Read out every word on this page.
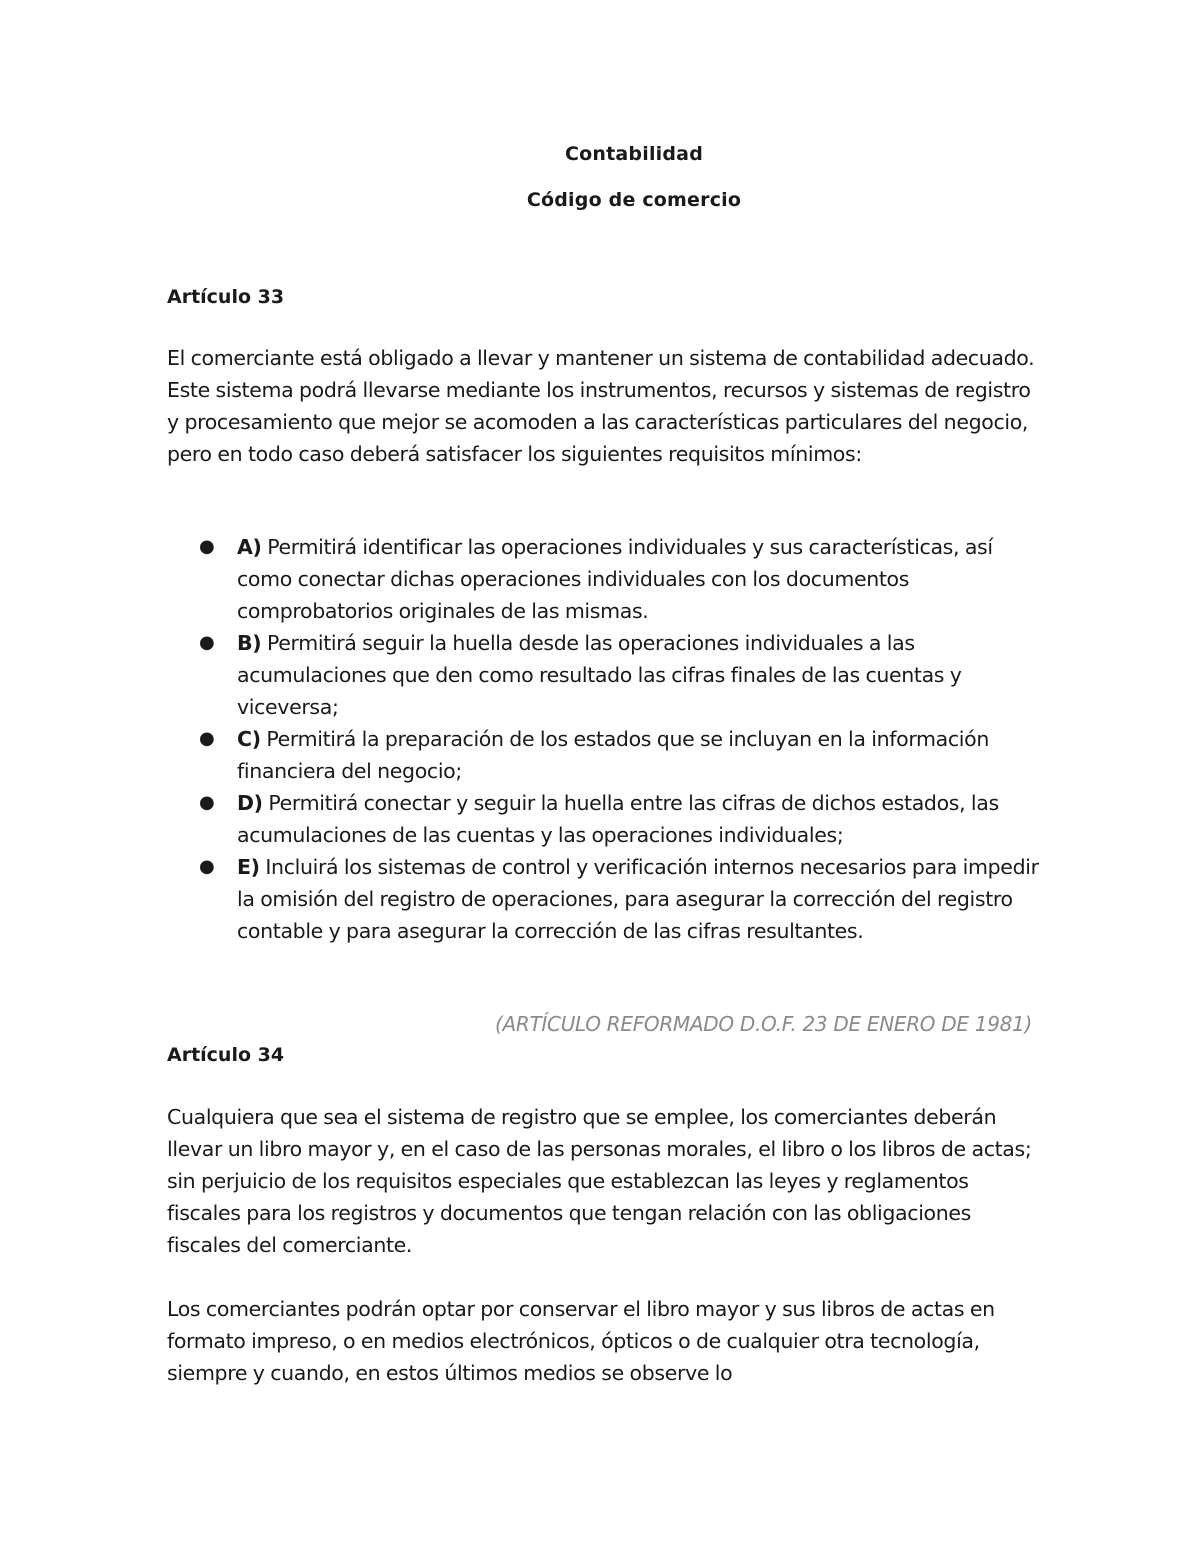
Contabilidad
Código de comercio
Artículo 33

El comerciante está obligado a llevar y mantener un sistema de contabilidad adecuado. Este sistema podrá llevarse mediante los instrumentos, recursos y sistemas de registro y procesamiento que mejor se acomoden a las características particulares del negocio, pero en todo caso deberá satisfacer los siguientes requisitos mínimos:

● A) Permitirá identificar las operaciones individuales y sus características, así como conectar dichas operaciones individuales con los documentos comprobatorios originales de las mismas.
● B) Permitirá seguir la huella desde las operaciones individuales a las acumulaciones que den como resultado las cifras finales de las cuentas y viceversa;
● C) Permitirá la preparación de los estados que se incluyan en la información financiera del negocio;
● D) Permitirá conectar y seguir la huella entre las cifras de dichos estados, las acumulaciones de las cuentas y las operaciones individuales;
● E) Incluirá los sistemas de control y verificación internos necesarios para impedir la omisión del registro de operaciones, para asegurar la corrección del registro contable y para asegurar la corrección de las cifras resultantes.
(ARTÍCULO REFORMADO D.O.F. 23 DE ENERO DE 1981)
Artículo 34

Cualquiera que sea el sistema de registro que se emplee, los comerciantes deberán llevar un libro mayor y, en el caso de las personas morales, el libro o los libros de actas; sin perjuicio de los requisitos especiales que establezcan las leyes y reglamentos fiscales para los registros y documentos que tengan relación con las obligaciones fiscales del comerciante.

Los comerciantes podrán optar por conservar el libro mayor y sus libros de actas en formato impreso, o en medios electrónicos, ópticos o de cualquier otra tecnología, siempre y cuando, en estos últimos medios se observe lo
